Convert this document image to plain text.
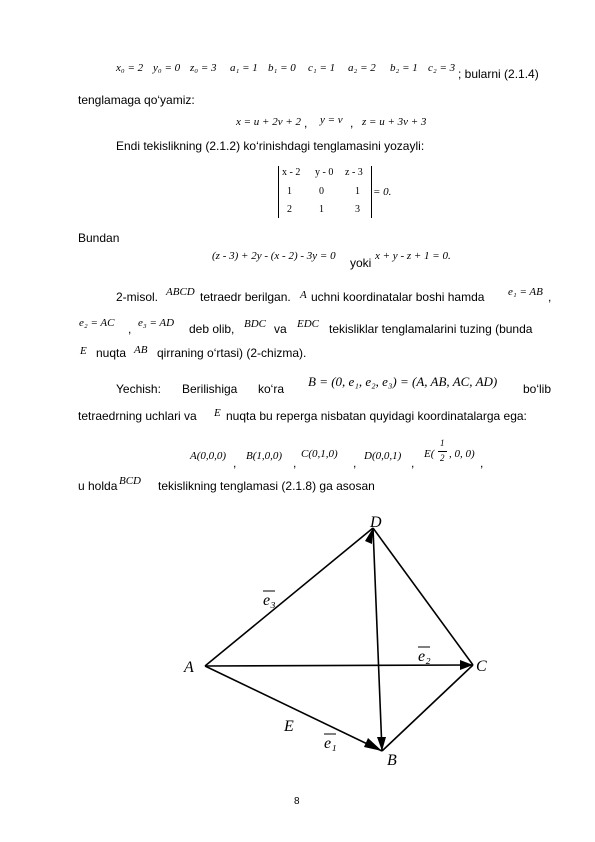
x₀ = 2 y₀ = 0 z₀ = 3 a₁ = 1 b₁ = 0 c₁ = 1 a₂ = 2 b₂ = 1 c₂ = 3 ; bularni (2.1.4)
tenglamaga qo‘yamiz:
x = u + 2v + 2 , y = v , z = u + 3v + 3
Endi tekislikning (2.1.2) ko‘rinishdagi tenglamasini yozayli:
x - 2 y - 0 z - 3
1	0	1
2	1	3
= 0.
Bundan
(z - 3) + 2y - (x - 2) - 3y = 0 yoki x + y - z + 1 = 0.
2-misol. ABCD tetraedr berilgan. A uchni koordinatalar boshi hamda e₁ = AB ,
e₂ = AC , e₃ = AD deb olib, BDC va EDC tekisliklar tenglamalarini tuzing (bunda
E nuqta AB qirraning o‘rtasi) (2-chizma).
Yechish: Berilishiga ko‘ra B = (0, e₁, e₂, e₃) = (A, AB, AC, AD) bo‘lib
tetraedrning uchlari va E nuqta bu reperga nisbatan quyidagi koordinatalarga ega:
A(0,0,0) , B(1,0,0) ,
C(0,1,0)
, D(0,0,1) ,
E(
1
2 , 0, 0)
,
u holda BCD tekislikning tenglamasi (2.1.8) ga asosan
A
B
C
D
E
e₁
e₂
e₃
8
